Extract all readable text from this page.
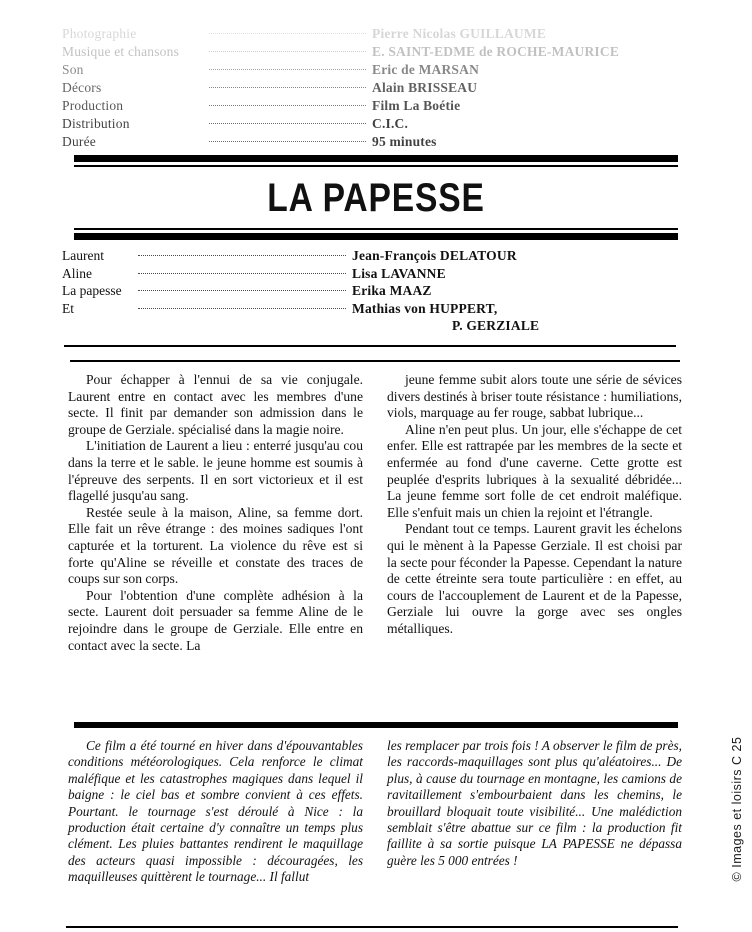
Photographie	Pierre Nicolas GUILLAUME
Musique et chansons	E. SAINT-EDME de ROCHE-MAURICE
Son	Eric de MARSAN
Décors	Alain BRISSEAU
Production	Film La Boétie
Distribution	C.I.C.
Durée	95 minutes
LA PAPESSE
Laurent	Jean-François DELATOUR
Aline	Lisa LAVANNE
La papesse	Erika MAAZ
Et	Mathias von HUPPERT,
P. GERZIALE

Pour échapper à l'ennui de sa vie conjugale. Laurent entre en contact avec les membres d'une secte. Il finit par demander son admission dans le groupe de Gerziale. spécialisé dans la magie noire.

L'initiation de Laurent a lieu : enterré jusqu'au cou dans la terre et le sable. le jeune homme est soumis à l'épreuve des serpents. Il en sort victorieux et il est flagellé jusqu'au sang.

Restée seule à la maison, Aline, sa femme dort. Elle fait un rêve étrange : des moines sadiques l'ont capturée et la torturent. La violence du rêve est si forte qu'Aline se réveille et constate des traces de coups sur son corps.

Pour l'obtention d'une complète adhésion à la secte. Laurent doit persuader sa femme Aline de le rejoindre dans le groupe de Gerziale. Elle entre en contact avec la secte. La

jeune femme subit alors toute une série de sévices divers destinés à briser toute résistance : humiliations, viols, marquage au fer rouge, sabbat lubrique...

Aline n'en peut plus. Un jour, elle s'échappe de cet enfer. Elle est rattrapée par les membres de la secte et enfermée au fond d'une caverne. Cette grotte est peuplée d'esprits lubriques à la sexualité débridée... La jeune femme sort folle de cet endroit maléfique. Elle s'enfuit mais un chien la rejoint et l'étrangle.

Pendant tout ce temps. Laurent gravit les échelons qui le mènent à la Papesse Gerziale. Il est choisi par la secte pour féconder la Papesse. Cependant la nature de cette étreinte sera toute particulière : en effet, au cours de l'accouplement de Laurent et de la Papesse, Gerziale lui ouvre la gorge avec ses ongles métalliques.

Ce film a été tourné en hiver dans d'épouvantables conditions météorologiques. Cela renforce le climat maléfique et les catastrophes magiques dans lequel il baigne : le ciel bas et sombre convient à ces effets. Pourtant. le tournage s'est déroulé à Nice : la production était certaine d'y connaître un temps plus clément. Les pluies battantes rendirent le maquillage des acteurs quasi impossible : découragées, les maquilleuses quittèrent le tournage... Il fallut

les remplacer par trois fois ! A observer le film de près, les raccords-maquillages sont plus qu'aléatoires... De plus, à cause du tournage en montagne, les camions de ravitaillement s'embourbaient dans les chemins, le brouillard bloquait toute visibilité... Une malédiction semblait s'être abattue sur ce film : la production fit faillite à sa sortie puisque LA PAPESSE ne dépassa guère les 5 000 entrées !	© Images et loisirs C 25
